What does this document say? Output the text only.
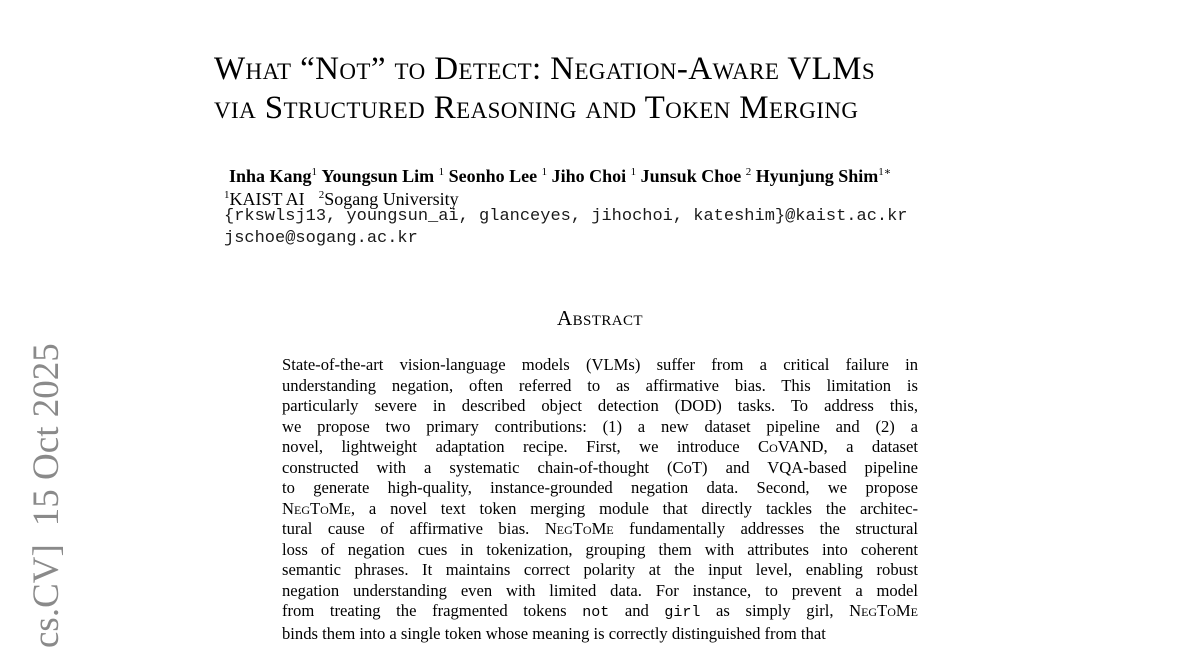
What “Not” to Detect: Negation-Aware VLMs
via Structured Reasoning and Token Merging
Inha Kang$^1$ Youngsun Lim $^1$ Seonho Lee $^1$ Jiho Choi $^1$ Junsuk Choe $^2$ Hyunjung Shim$^{1∗}$
$^1$KAIST AI $^2$Sogang University
{rkswlsj13, youngsun_ai, glanceyes, jihochoi, kateshim}@kaist.ac.kr
jschoe@sogang.ac.kr
Abstract
State-of-the-art vision-language models (VLMs) suffer from a critical failure in
understanding negation, often referred to as affirmative bias. This limitation is
particularly severe in described object detection (DOD) tasks. To address this,
we propose two primary contributions: (1) a new dataset pipeline and (2) a
novel, lightweight adaptation recipe. First, we introduce CoVAND, a dataset
constructed with a systematic chain-of-thought (CoT) and VQA-based pipeline
to generate high-quality, instance-grounded negation data. Second, we propose
NegToMe, a novel text token merging module that directly tackles the architec-
tural cause of affirmative bias. NegToMe fundamentally addresses the structural
loss of negation cues in tokenization, grouping them with attributes into coherent
semantic phrases. It maintains correct polarity at the input level, enabling robust
negation understanding even with limited data. For instance, to prevent a model
from treating the fragmented tokens not and girl as simply girl, NegToMe
binds them into a single token whose meaning is correctly distinguished from that
cs.CV]15 Oct 2025
